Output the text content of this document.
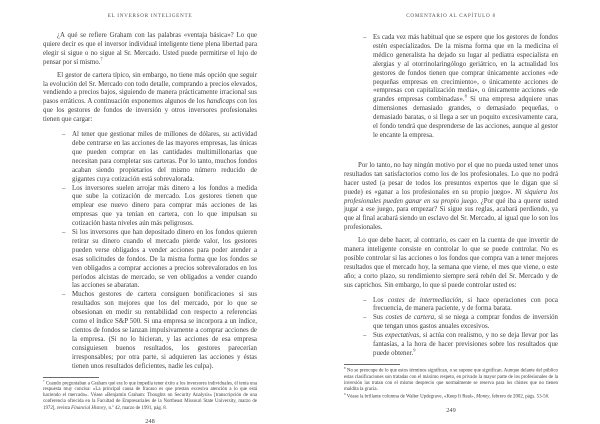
EL INVERSOR INTELIGENTE
¿A qué se refiere Graham con las palabras «ventaja básica»? Lo que quiere decir es que el inversor individual inteligente tiene plena libertad para elegir si sigue o no sigue al Sr. Mercado. Usted puede permitirse el lujo de pensar por sí mismo.$^7$
El gestor de cartera típico, sin embargo, no tiene más opción que seguir la evolución del Sr. Mercado con todo detalle, comprando a precios elevados, vendiendo a precios bajos, siguiendo de manera prácticamente irracional sus pasos erráticos. A continuación exponemos algunos de los handicaps con los que los gestores de fondos de inversión y otros inversores profesionales tienen que cargar:
– Al tener que gestionar miles de millones de dólares, su actividad debe centrarse en las acciones de las mayores empresas, las únicas que pueden comprar en las cantidades multimillonarias que necesitan para completar sus carteras. Por lo tanto, muchos fondos acaban siendo propietarios del mismo número reducido de gigantes cuya cotización está sobrevalorada.
– Los inversores suelen arrojar más dinero a los fondos a medida que sube la cotización de mercado. Los gestores tienen que emplear ese nuevo dinero para comprar más acciones de las empresas que ya tenían en cartera, con lo que impulsan su cotización hasta niveles aún más peligrosos.
– Si los inversores que han depositado dinero en los fondos quieren retirar su dinero cuando el mercado pierde valor, los gestores pueden verse obligados a vender acciones para poder atender a esas solicitudes de fondos. De la misma forma que los fondos se ven obligados a comprar acciones a precios sobrevalorados en los períodos alcistas de mercado, se ven obligados a vender cuando las acciones se abaratan.
– Muchos gestores de cartera consiguen bonificaciones si sus resultados son mejores que los del mercado, por lo que se obsesionan en medir su rentabilidad con respecto a referencias como el índice S&P 500. Si una empresa se incorpora a un índice, cientos de fondos se lanzan impulsivamente a comprar acciones de la empresa. (Si no lo hicieran, y las acciones de esa empresa consiguiesen buenos resultados, los gestores parecerían irresponsables; por otra parte, si adquieren las acciones y éstas tienen unos resultados deficientes, nadie les culpa).
$^7$ Cuando preguntaban a Graham qué era lo que impedía tener éxito a los inversores individuales, él tenía una respuesta muy concisa: «La principal causa de fracaso es que prestan excesiva atención a lo que está haciendo el mercado». Véase «Benjamin Graham: Thoughts on Security Analysis» [transcripción de una conferencia ofrecida en la Facultad de Empresariales de la Northeast Missouri State University, marzo de 1972], revista Financial History, n.º 42, marzo de 1991, pág. 8.
248
COMENTARIO AL CAPÍTULO 8
– Es cada vez más habitual que se espere que los gestores de fondos estén especializados. De la misma forma que en la medicina el médico generalista ha dejado su lugar al pediatra especialista en alergias y al otorrinolaringólogo geriátrico, en la actualidad los gestores de fondos tienen que comprar únicamente acciones «de pequeñas empresas en crecimiento», o únicamente acciones de «empresas con capitalización media», o únicamente acciones «de grandes empresas combinadas».$^8$ Si una empresa adquiere unas dimensiones demasiado grandes, o demasiado pequeñas, o demasiado baratas, o si llega a ser un poquito excesivamente cara, el fondo tendrá que desprenderse de las acciones, aunque al gestor le encante la empresa.
Por lo tanto, no hay ningún motivo por el que no pueda usted tener unos resultados tan satisfactorios como los de los profesionales. Lo que no podrá hacer usted (a pesar de todos los presuntos expertos que le digan que sí puede) es «ganar a los profesionales en su propio juego». Ni siquiera los profesionales pueden ganar en su propio juego. ¿Por qué iba a querer usted jugar a ese juego, para empezar? Si sigue sus reglas, acabará perdiendo, ya que al final acabará siendo un esclavo del Sr. Mercado, al igual que lo son los profesionales.
Lo que debe hacer, al contrario, es caer en la cuenta de que invertir de manera inteligente consiste en controlar lo que se puede controlar. No es posible controlar si las acciones o los fondos que compra van a tener mejores resultados que el mercado hoy, la semana que viene, el mes que viene, o este año; a corto plazo, su rendimiento siempre será rehén del Sr. Mercado y de sus caprichos. Sin embargo, lo que sí puede controlar usted es:
– Los costes de intermediación, si hace operaciones con poca frecuencia, de manera paciente, y de forma barata.
– Sus costes de cartera, si se niega a comprar fondos de inversión que tengan unos gastos anuales excesivos.
– Sus expectativas, si actúa con realismo, y no se deja llevar por las fantasías, a la hora de hacer previsiones sobre los resultados que puede obtener.$^9$
$^8$ No se preocupe de lo que estos términos significan, o se supone que significan. Aunque delante del público estas clasificaciones son tratadas con el máximo respeto, en privado la mayor parte de los profesionales de la inversión las tratan con el mismo desprecio que normalmente se reserva para los chistes que no tienen maldita la gracia.
$^9$ Véase la brillante columna de Walter Updegrave, «Keep It Real», Money, febrero de 2002, págs. 53-56.
249
